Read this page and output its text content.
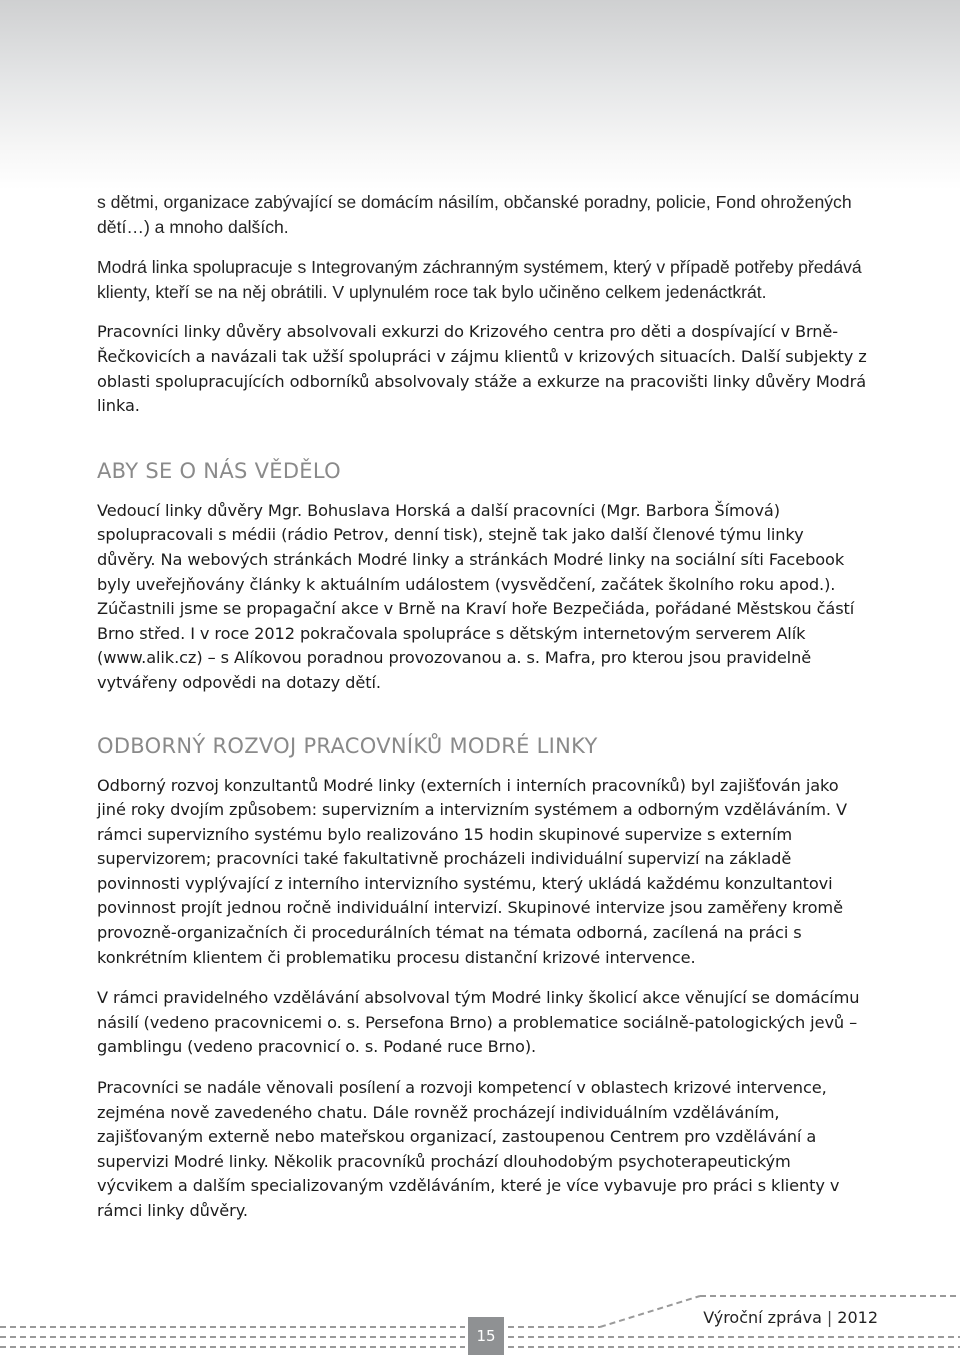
s dětmi, organizace zabývající se domácím násilím, občanské poradny, policie, Fond ohrožených dětí…) a mnoho dalších.

Modrá linka spolupracuje s Integrovaným záchranným systémem, který v případě potřeby předává klienty, kteří se na něj obrátili. V uplynulém roce tak bylo učiněno celkem jedenáctkrát.

Pracovníci linky důvěry absolvovali exkurzi do Krizového centra pro děti a dospívající v Brně-Řečkovicích a navázali tak užší spolupráci v zájmu klientů v krizových situacích. Další subjekty z oblasti spolupracujících odborníků absolvovaly stáže a exkurze na pracovišti linky důvěry Modrá linka.

ABY SE O NÁS VĚDĚLO

Vedoucí linky důvěry Mgr. Bohuslava Horská a další pracovníci (Mgr. Barbora Šímová) spolupracovali s médii (rádio Petrov, denní tisk), stejně tak jako další členové týmu linky důvěry. Na webových stránkách Modré linky a stránkách Modré linky na sociální síti Facebook byly uveřejňovány články k aktuálním událostem (vysvědčení, začátek školního roku apod.). Zúčastnili jsme se propagační akce v Brně na Kraví hoře Bezpečiáda, pořádané Městskou částí Brno střed. I v roce 2012 pokračovala spolupráce s dětským internetovým serverem Alík (www.alik.cz) – s Alíkovou poradnou provozovanou a. s. Mafra, pro kterou jsou pravidelně vytvářeny odpovědi na dotazy dětí.

ODBORNÝ ROZVOJ PRACOVNÍKŮ MODRÉ LINKY

Odborný rozvoj konzultantů Modré linky (externích i interních pracovníků) byl zajišťován jako jiné roky dvojím způsobem: supervizním a intervizním systémem a odborným vzděláváním. V rámci supervizního systému bylo realizováno 15 hodin skupinové supervize s externím supervizorem; pracovníci také fakultativně procházeli individuální supervizí na základě povinnosti vyplývající z interního intervizního systému, který ukládá každému konzultantovi povinnost projít jednou ročně individuální intervizí. Skupinové intervize jsou zaměřeny kromě provozně-organizačních či procedurálních témat na témata odborná, zacílená na práci s konkrétním klientem či problematiku procesu distanční krizové intervence.

V rámci pravidelného vzdělávání absolvoval tým Modré linky školicí akce věnující se domácímu násilí (vedeno pracovnicemi o. s. Persefona Brno) a problematice sociálně-patologických jevů – gamblingu (vedeno pracovnicí o. s. Podané ruce Brno).

Pracovníci se nadále věnovali posílení a rozvoji kompetencí v oblastech krizové intervence, zejména nově zavedeného chatu. Dále rovněž procházejí individuálním vzděláváním, zajišťovaným externě nebo mateřskou organizací, zastoupenou Centrem pro vzdělávání a supervizi Modré linky. Několik pracovníků prochází dlouhodobým psychoterapeutickým výcvikem a dalším specializovaným vzděláváním, které je více vybavuje pro práci s klienty v rámci linky důvěry.

Výroční zpráva | 2012
15
